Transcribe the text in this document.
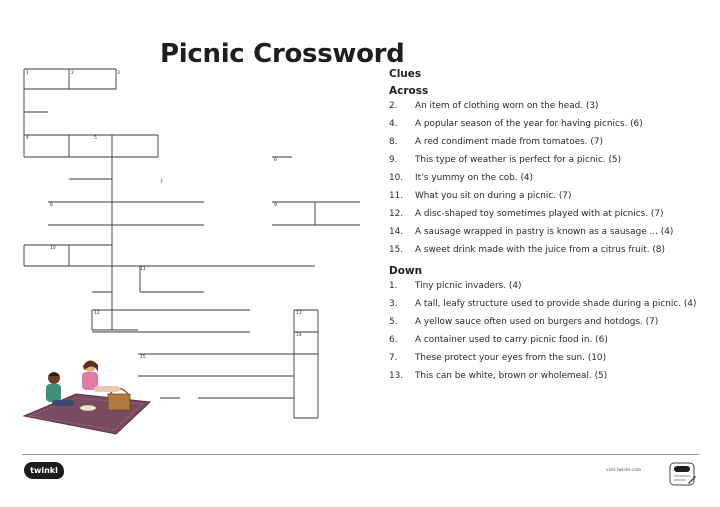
Picnic Crossword
1	2	3
4	5
6
7
8	9
10
11
12	13
14
15
Clues
Across
2.	An item of clothing worn on the head. (3)
4.	A popular season of the year for having picnics. (6)
8.	A red condiment made from tomatoes. (7)
9.	This type of weather is perfect for a picnic. (5)
10.	It’s yummy on the cob. (4)
11.	What you sit on during a picnic. (7)
12.	A disc-shaped toy sometimes played with at picnics. (7)
14.	A sausage wrapped in pastry is known as a sausage ... (4)
15.	A sweet drink made with the juice from a citrus fruit. (8)
Down
1.	Tiny picnic invaders. (4)
3.	A tall, leafy structure used to provide shade during a picnic. (4)
5.	A yellow sauce often used on burgers and hotdogs. (7)
6.	A container used to carry picnic food in. (6)
7.	These protect your eyes from the sun. (10)
13.	This can be white, brown or wholemeal. (5)
twinkl	visit twinkl.com
